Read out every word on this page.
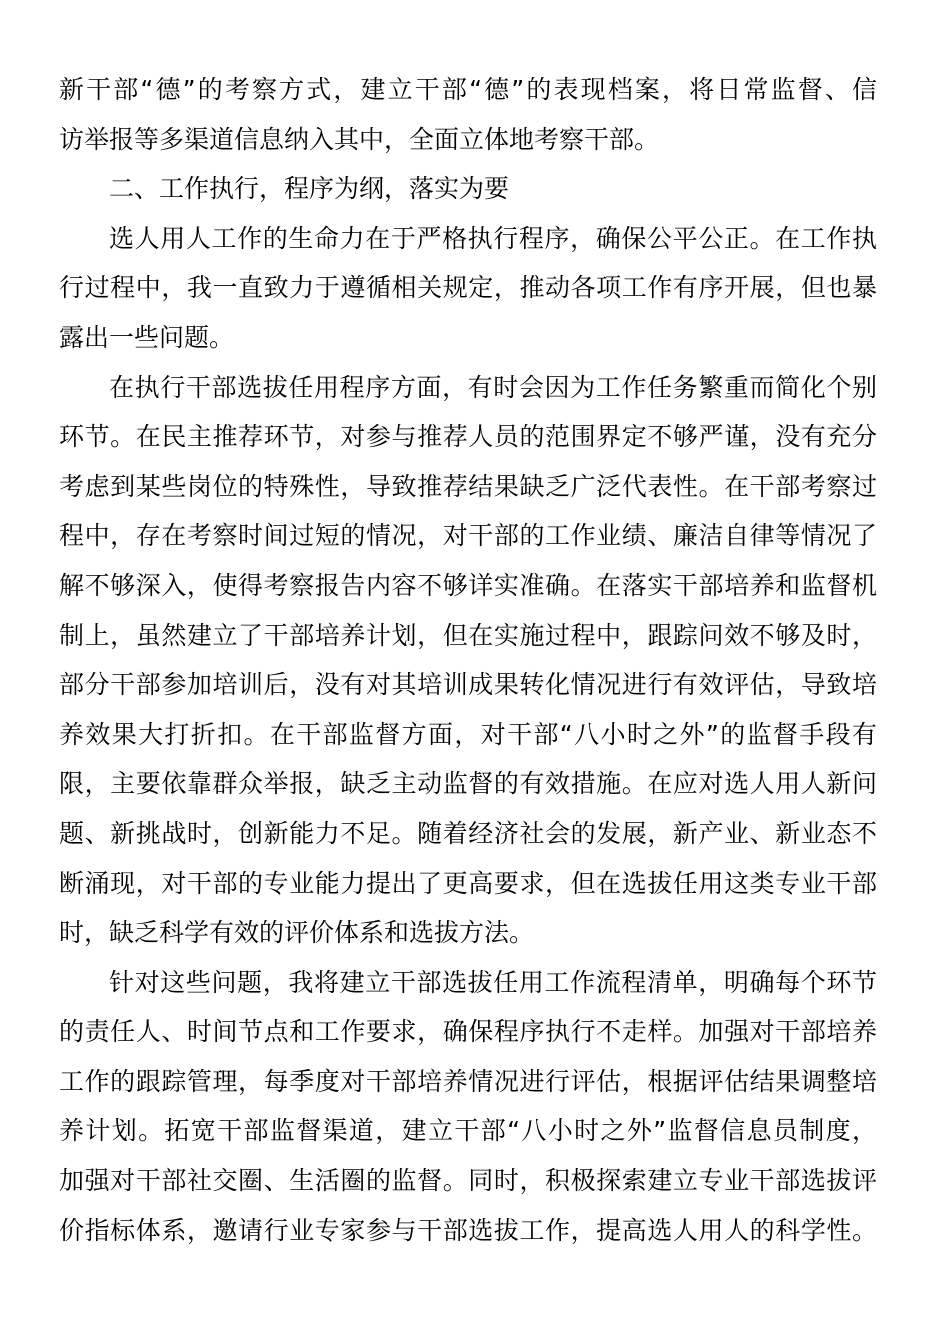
新干部“德”的考察方式，建立干部“德”的表现档案，将日常监督、信
访举报等多渠道信息纳入其中，全面立体地考察干部。
二、工作执行，程序为纲，落实为要
选人用人工作的生命力在于严格执行程序，确保公平公正。在工作执
行过程中，我一直致力于遵循相关规定，推动各项工作有序开展，但也暴
露出一些问题。
在执行干部选拔任用程序方面，有时会因为工作任务繁重而简化个别
环节。在民主推荐环节，对参与推荐人员的范围界定不够严谨，没有充分
考虑到某些岗位的特殊性，导致推荐结果缺乏广泛代表性。在干部考察过
程中，存在考察时间过短的情况，对干部的工作业绩、廉洁自律等情况了
解不够深入，使得考察报告内容不够详实准确。在落实干部培养和监督机
制上，虽然建立了干部培养计划，但在实施过程中，跟踪问效不够及时，
部分干部参加培训后，没有对其培训成果转化情况进行有效评估，导致培
养效果大打折扣。在干部监督方面，对干部“八小时之外”的监督手段有
限，主要依靠群众举报，缺乏主动监督的有效措施。在应对选人用人新问
题、新挑战时，创新能力不足。随着经济社会的发展，新产业、新业态不
断涌现，对干部的专业能力提出了更高要求，但在选拔任用这类专业干部
时，缺乏科学有效的评价体系和选拔方法。
针对这些问题，我将建立干部选拔任用工作流程清单，明确每个环节
的责任人、时间节点和工作要求，确保程序执行不走样。加强对干部培养
工作的跟踪管理，每季度对干部培养情况进行评估，根据评估结果调整培
养计划。拓宽干部监督渠道，建立干部“八小时之外”监督信息员制度，
加强对干部社交圈、生活圈的监督。同时，积极探索建立专业干部选拔评
价指标体系，邀请行业专家参与干部选拔工作，提高选人用人的科学性。
